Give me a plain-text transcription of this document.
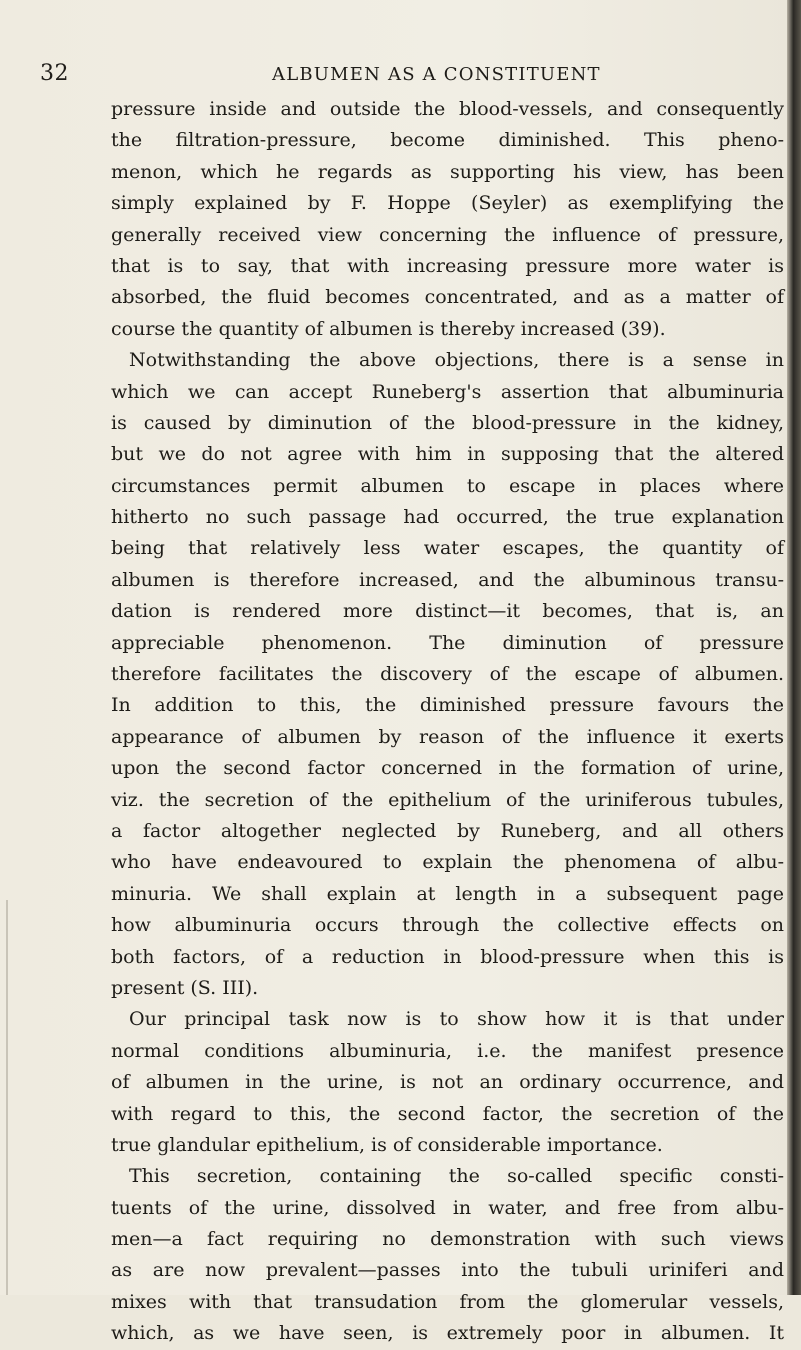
32	ALBUMEN AS A CONSTITUENT
pressure inside and outside the blood-vessels, and consequently
the filtration-pressure, become diminished. This pheno-
menon, which he regards as supporting his view, has been
simply explained by F. Hoppe (Seyler) as exemplifying the
generally received view concerning the influence of pressure,
that is to say, that with increasing pressure more water is
absorbed, the fluid becomes concentrated, and as a matter of
course the quantity of albumen is thereby increased (39).
Notwithstanding the above objections, there is a sense in
which we can accept Runeberg's assertion that albuminuria
is caused by diminution of the blood-pressure in the kidney,
but we do not agree with him in supposing that the altered
circumstances permit albumen to escape in places where
hitherto no such passage had occurred, the true explanation
being that relatively less water escapes, the quantity of
albumen is therefore increased, and the albuminous transu-
dation is rendered more distinct—it becomes, that is, an
appreciable phenomenon. The diminution of pressure
therefore facilitates the discovery of the escape of albumen.
In addition to this, the diminished pressure favours the
appearance of albumen by reason of the influence it exerts
upon the second factor concerned in the formation of urine,
viz. the secretion of the epithelium of the uriniferous tubules,
a factor altogether neglected by Runeberg, and all others
who have endeavoured to explain the phenomena of albu-
minuria. We shall explain at length in a subsequent page
how albuminuria occurs through the collective effects on
both factors, of a reduction in blood-pressure when this is
present (S. III).
Our principal task now is to show how it is that under
normal conditions albuminuria, i.e. the manifest presence
of albumen in the urine, is not an ordinary occurrence, and
with regard to this, the second factor, the secretion of the
true glandular epithelium, is of considerable importance.
This secretion, containing the so-called specific consti-
tuents of the urine, dissolved in water, and free from albu-
men—a fact requiring no demonstration with such views
as are now prevalent—passes into the tubuli uriniferi and
mixes with that transudation from the glomerular vessels,
which, as we have seen, is extremely poor in albumen. It
